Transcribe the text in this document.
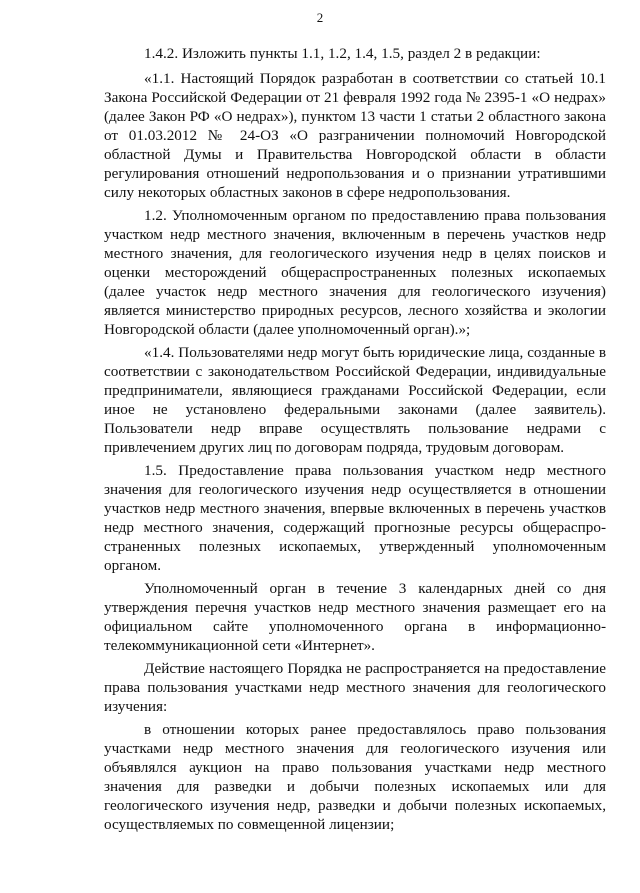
2

1.4.2. Изложить пункты 1.1, 1.2, 1.4, 1.5, раздел 2 в редакции:

«1.1. Настоящий Порядок разработан в соответствии со статьей 10.1 Закона Российской Федерации от 21 февраля 1992 года № 2395-1 «О недрах» (далее Закон РФ «О недрах»), пунктом 13 части 1 статьи 2 областного закона от 01.03.2012 № 24-ОЗ «О разграничении полномочий Новгородской областной Думы и Правительства Новгородской области в области регулирования отношений недропользования и о признании утратившими силу некоторых областных законов в сфере недропользования.

1.2. Уполномоченным органом по предоставлению права пользования участком недр местного значения, включенным в перечень участков недр местного значения, для геологического изучения недр в целях поисков и оценки месторождений общераспространенных полезных ископаемых (далее участок недр местного значения для геологического изучения) является министерство природных ресурсов, лесного хозяйства и экологии Новгородской области (далее уполномоченный орган).»;

«1.4. Пользователями недр могут быть юридические лица, созданные в соответствии с законодательством Российской Федерации, индивидуальные предприниматели, являющиеся гражданами Российской Федерации, если иное не установлено федеральными законами (далее заявитель). Пользователи недр вправе осуществлять пользование недрами с привлечением других лиц по договорам подряда, трудовым договорам.

1.5. Предоставление права пользования участком недр местного значения для геологического изучения недр осуществляется в отношении участков недр местного значения, впервые включенных в перечень участков недр местного значения, содержащий прогнозные ресурсы общераспро-страненных полезных ископаемых, утвержденный уполномоченным органом.

Уполномоченный орган в течение 3 календарных дней со дня утверждения перечня участков недр местного значения размещает его на официальном сайте уполномоченного органа в информационно-телекоммуникационной сети «Интернет».

Действие настоящего Порядка не распространяется на предоставление права пользования участками недр местного значения для геологического изучения:

в отношении которых ранее предоставлялось право пользования участками недр местного значения для геологического изучения или объявлялся аукцион на право пользования участками недр местного значения для разведки и добычи полезных ископаемых или для геологического изучения недр, разведки и добычи полезных ископаемых, осуществляемых по совмещенной лицензии;
